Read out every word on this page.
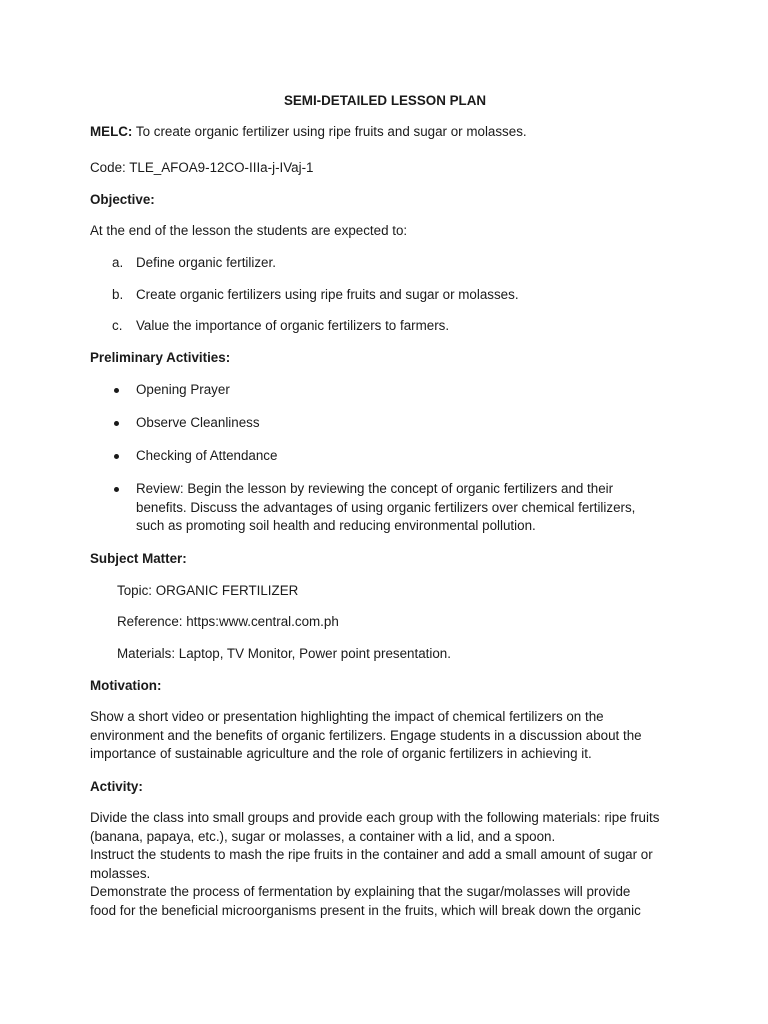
SEMI-DETAILED LESSON PLAN
MELC: To create organic fertilizer using ripe fruits and sugar or molasses.
Code: TLE_AFOA9-12CO-IIIa-j-IVaj-1
Objective:
At the end of the lesson the students are expected to:
a. Define organic fertilizer.
b. Create organic fertilizers using ripe fruits and sugar or molasses.
c.	Value the importance of organic fertilizers to farmers.
Preliminary Activities:
Opening Prayer
Observe Cleanliness
Checking of Attendance
Review: Begin the lesson by reviewing the concept of organic fertilizers and their
benefits. Discuss the advantages of using organic fertilizers over chemical fertilizers,
such as promoting soil health and reducing environmental pollution.
Subject Matter:
Topic: ORGANIC FERTILIZER
Reference: https:www.central.com.ph
Materials: Laptop, TV Monitor, Power point presentation.
Motivation:
Show a short video or presentation highlighting the impact of chemical fertilizers on the
environment and the benefits of organic fertilizers. Engage students in a discussion about the
importance of sustainable agriculture and the role of organic fertilizers in achieving it.
Activity:
Divide the class into small groups and provide each group with the following materials: ripe fruits
(banana, papaya, etc.), sugar or molasses, a container with a lid, and a spoon.
Instruct the students to mash the ripe fruits in the container and add a small amount of sugar or
molasses.
Demonstrate the process of fermentation by explaining that the sugar/molasses will provide
food for the beneficial microorganisms present in the fruits, which will break down the organic
